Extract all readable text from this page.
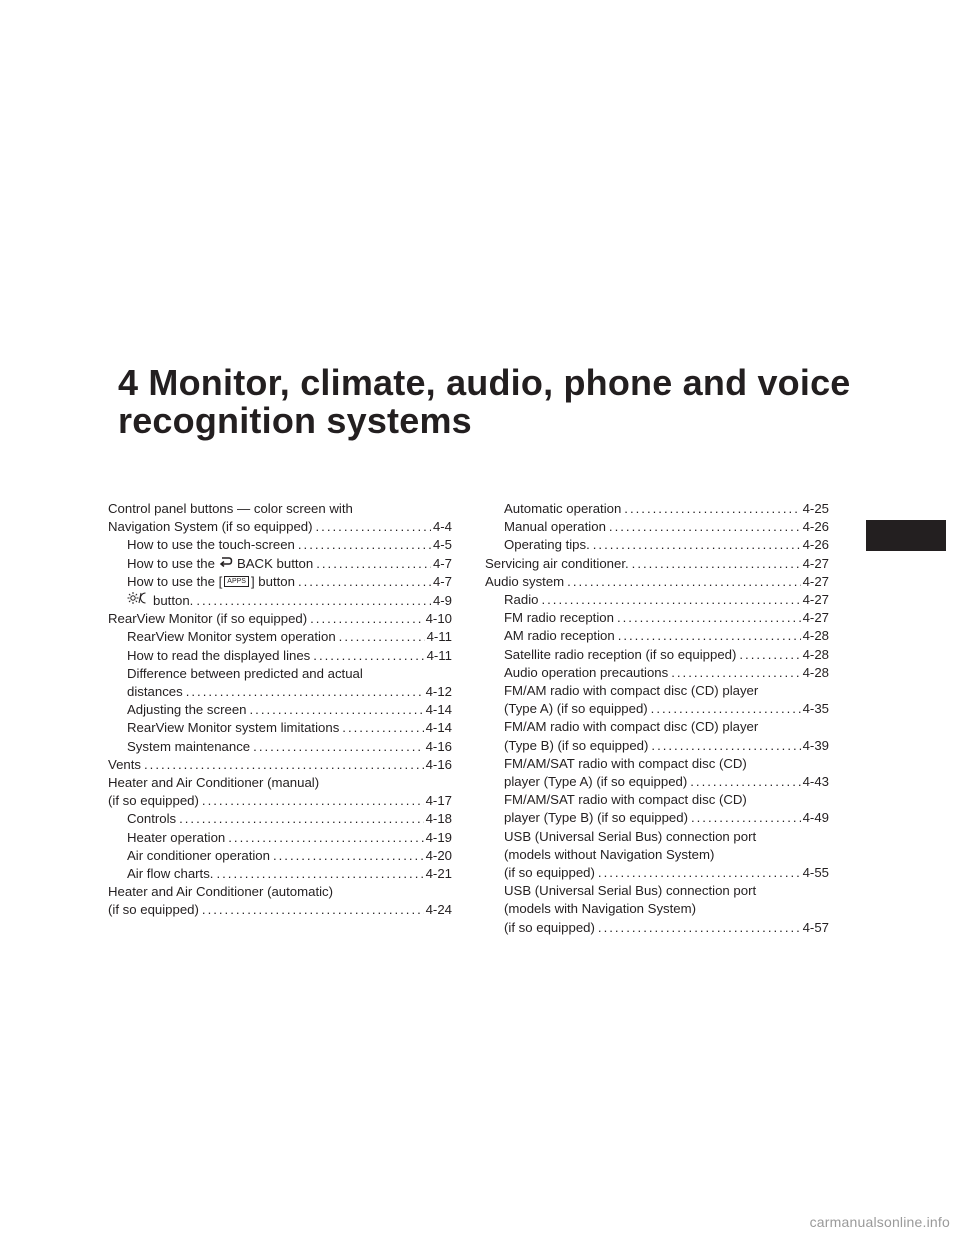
4 Monitor, climate, audio, phone and voice
recognition systems
Control panel buttons — color screen with
Navigation System (if so equipped) .....	4-4
How to use the touch-screen .....	4-5
How to use the BACK button .....	4-7
How to use the [ APPS ] button .....	4-7
button. .....	4-9
RearView Monitor (if so equipped) .....	4-10
RearView Monitor system operation .....	4-11
How to read the displayed lines .....	4-11
Difference between predicted and actual
distances .....	4-12
Adjusting the screen .....	4-14
RearView Monitor system limitations .....	4-14
System maintenance .....	4-16
Vents .....	4-16
Heater and Air Conditioner (manual)
(if so equipped) .....	4-17
Controls .....	4-18
Heater operation .....	4-19
Air conditioner operation .....	4-20
Air flow charts. .....	4-21
Heater and Air Conditioner (automatic)
(if so equipped) .....	4-24
Automatic operation .....	4-25
Manual operation .....	4-26
Operating tips. .....	4-26
Servicing air conditioner. .....	4-27
Audio system .....	4-27
Radio .....	4-27
FM radio reception .....	4-27
AM radio reception .....	4-28
Satellite radio reception (if so equipped) .....	4-28
Audio operation precautions .....	4-28
FM/AM radio with compact disc (CD) player
(Type A) (if so equipped) .....	4-35
FM/AM radio with compact disc (CD) player
(Type B) (if so equipped) .....	4-39
FM/AM/SAT radio with compact disc (CD)
player (Type A) (if so equipped) .....	4-43
FM/AM/SAT radio with compact disc (CD)
player (Type B) (if so equipped) .....	4-49
USB (Universal Serial Bus) connection port
(models without Navigation System)
(if so equipped) .....	4-55
USB (Universal Serial Bus) connection port
(models with Navigation System)
(if so equipped) .....	4-57
carmanualsonline.info
